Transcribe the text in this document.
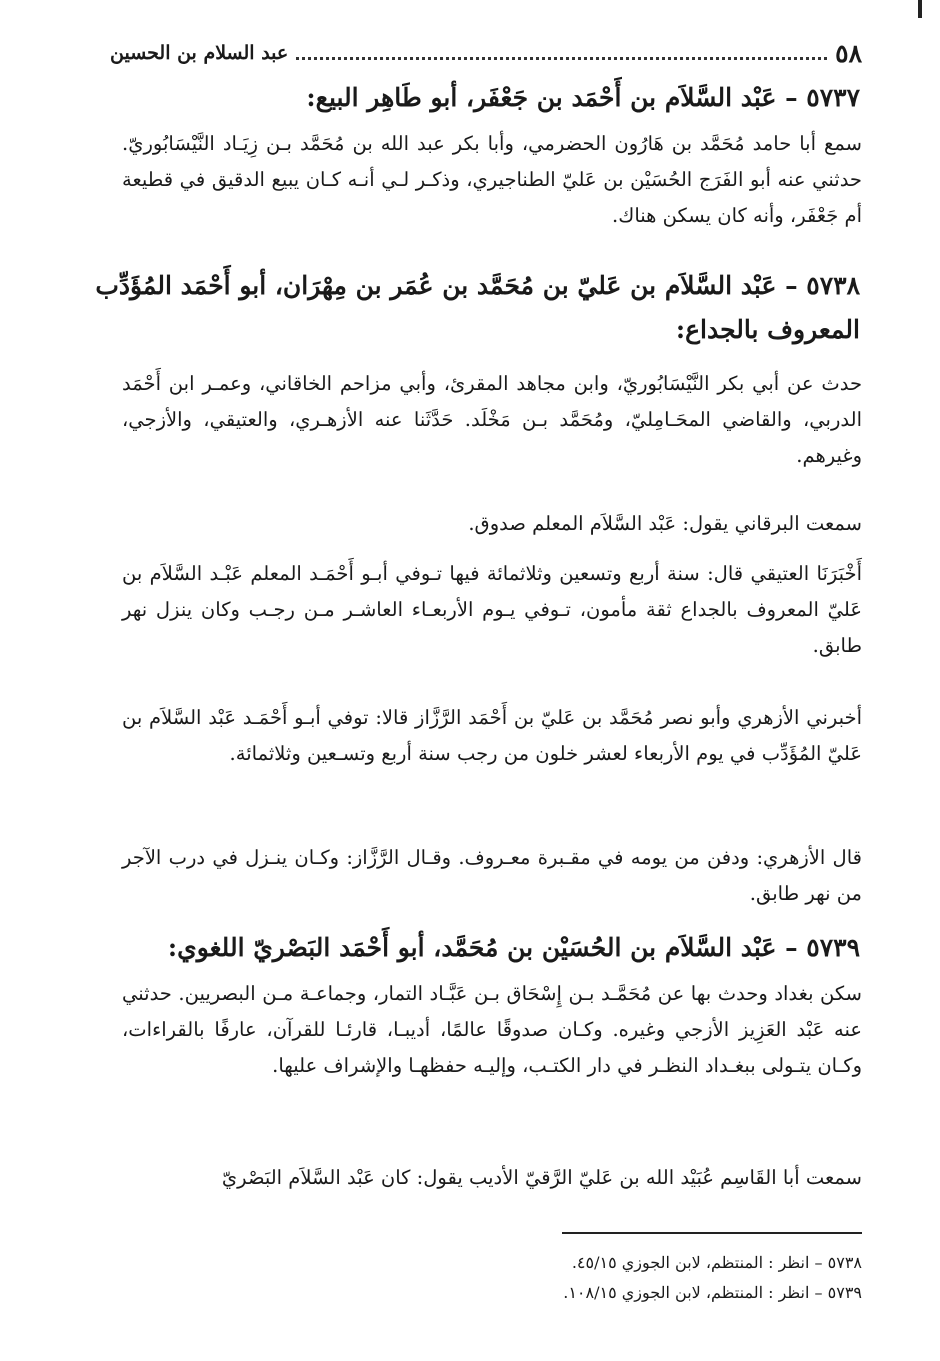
٥٨
عبد السلام بن الحسين
٥٧٣٧ – عَبْد السَّلاَم بن أَحْمَد بن جَعْفَر، أبو طَاهِر البيع:
سمع أبا حامد مُحَمَّد بن هَارُون الحضرمي، وأبا بكر عبد الله بن مُحَمَّد بـن زِيَـاد النَّيْسَابُوريّ. حدثني عنه أبو الفَرَج الحُسَيْن بن عَليّ الطناجيري، وذكـر لـي أنـه كـان يبيع الدقيق في قطيعة أم جَعْفَر، وأنه كان يسكن هناك.
٥٧٣٨ – عَبْد السَّلاَم بن عَليّ بن مُحَمَّد بن عُمَر بن مِهْرَان، أبو أَحْمَد المُؤَدِّب المعروف بالجداع:
حدث عن أبي بكر النَّيْسَابُوريّ، وابن مجاهد المقرئ، وأبي مزاحم الخاقاني، وعمـر ابن أَحْمَد الدربي، والقاضي المحَـامِليّ، ومُحَمَّد بـن مَخْلَد. حَدَّثَنا عنه الأزهـري، والعتيقي، والأزجي، وغيرهم.
سمعت البرقاني يقول: عَبْد السَّلاَم المعلم صدوق.
أَخْبَرَنَا العتيقي قال: سنة أربع وتسعين وثلاثمائة فيها تـوفي أبـو أَحْمَـد المعلم عَبْـد السَّلاَم بن عَليّ المعروف بالجداع ثقة مأمون، تـوفي يـوم الأربعـاء العاشـر مـن رجـب وكان ينزل نهر طابق.
أخبرني الأزهري وأبو نصر مُحَمَّد بن عَليّ بن أَحْمَد الرَّزَّاز قالا: توفي أبـو أَحْمَـد عَبْد السَّلاَم بن عَليّ المُؤَدِّب في يوم الأربعاء لعشر خلون من رجب سنة أربع وتسـعين وثلاثمائة.
قال الأزهري: ودفن من يومه في مقـبرة معـروف. وقـال الرَّزَّاز: وكـان ينـزل في درب الآجر من نهر طابق.
٥٧٣٩ – عَبْد السَّلاَم بن الحُسَيْن بن مُحَمَّد، أبو أَحْمَد البَصْريّ اللغوي:
سكن بغداد وحدث بها عن مُحَمَّـد بـن إِسْحَاق بـن عَبَّـاد التمار، وجماعـة مـن البصريين. حدثني عنه عَبْد العَزِيز الأزجي وغيره. وكـان صدوقًا عالمًا، أديبـا، قارئـا للقرآن، عارفًا بالقراءات، وكـان يتـولى ببغـداد النظـر في دار الكتـب، وإليـه حفظهـا والإشراف عليها.
سمعت أبا القَاسِم عُبَيْد الله بن عَليّ الرَّقيّ الأديب يقول: كان عَبْد السَّلاَم البَصْريّ
٥٧٣٨ – انظر : المنتظم، لابن الجوزي ٤٥/١٥.
٥٧٣٩ – انظر : المنتظم، لابن الجوزي ١٠٨/١٥.
